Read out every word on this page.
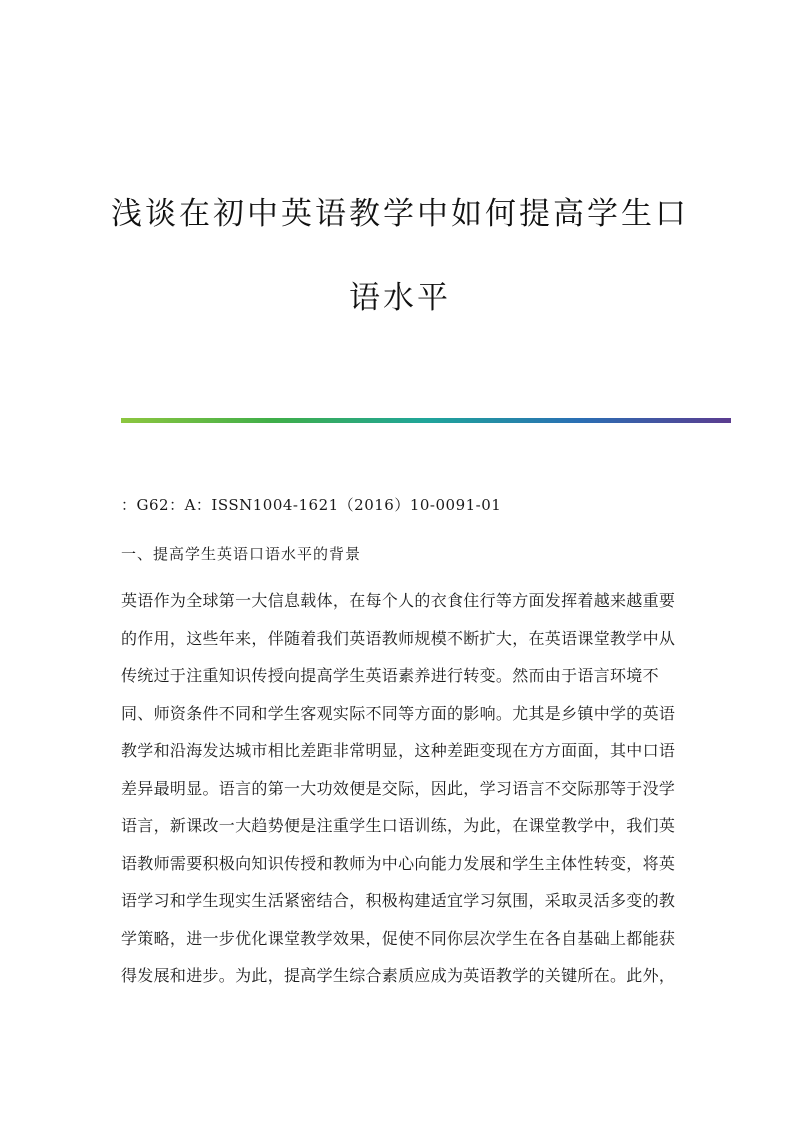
浅谈在初中英语教学中如何提高学生口
语水平
：G62：A：ISSN1004-1621（2016）10-0091-01
一、提高学生英语口语水平的背景
英语作为全球第一大信息载体，在每个人的衣食住行等方面发挥着越来越重要
的作用，这些年来，伴随着我们英语教师规模不断扩大，在英语课堂教学中从
传统过于注重知识传授向提高学生英语素养进行转变。然而由于语言环境不
同、师资条件不同和学生客观实际不同等方面的影响。尤其是乡镇中学的英语
教学和沿海发达城市相比差距非常明显，这种差距变现在方方面面，其中口语
差异最明显。语言的第一大功效便是交际，因此，学习语言不交际那等于没学
语言，新课改一大趋势便是注重学生口语训练，为此，在课堂教学中，我们英
语教师需要积极向知识传授和教师为中心向能力发展和学生主体性转变，将英
语学习和学生现实生活紧密结合，积极构建适宜学习氛围，采取灵活多变的教
学策略，进一步优化课堂教学效果，促使不同你层次学生在各自基础上都能获
得发展和进步。为此，提高学生综合素质应成为英语教学的关键所在。此外，
